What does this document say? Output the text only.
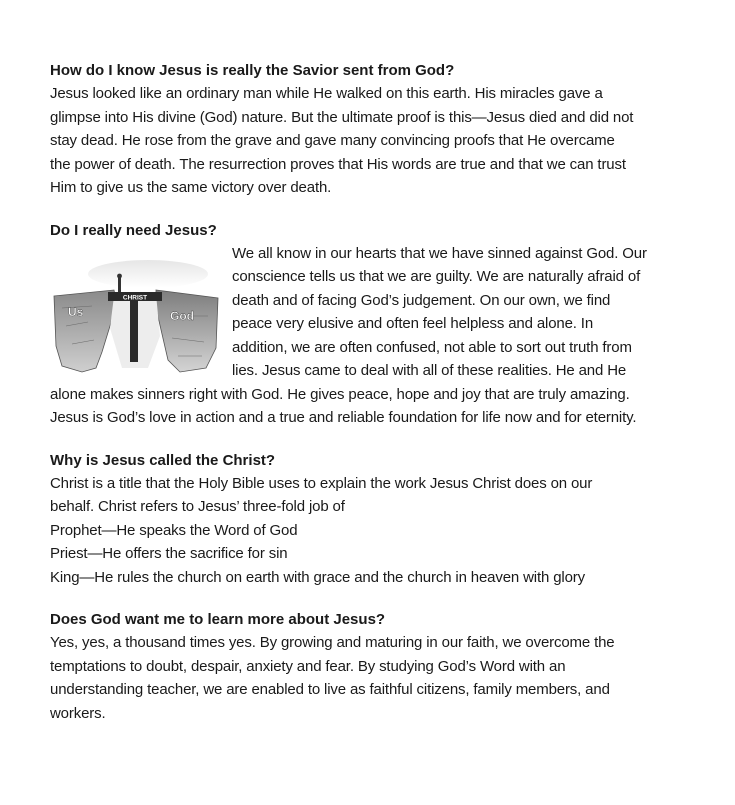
How do I know Jesus is really the Savior sent from God?

Jesus looked like an ordinary man while He walked on this earth. His miracles gave a
glimpse into His divine (God) nature. But the ultimate proof is this—Jesus died and did not
stay dead. He rose from the grave and gave many convincing proofs that He overcame
the power of death. The resurrection proves that His words are true and that we can trust
Him to give us the same victory over death.

Do I really need Jesus?

CHRIST
Us	God

We all know in our hearts that we have sinned against God. Our
conscience tells us that we are guilty. We are naturally afraid of
death and of facing God’s judgement. On our own, we find
peace very elusive and often feel helpless and alone. In
addition, we are often confused, not able to sort out truth from
lies. Jesus came to deal with all of these realities. He and He

alone makes sinners right with God. He gives peace, hope and joy that are truly amazing.
Jesus is God’s love in action and a true and reliable foundation for life now and for eternity.

Why is Jesus called the Christ?

Christ is a title that the Holy Bible uses to explain the work Jesus Christ does on our
behalf. Christ refers to Jesus’ three-fold job of
Prophet—He speaks the Word of God
Priest—He offers the sacrifice for sin
King—He rules the church on earth with grace and the church in heaven with glory

Does God want me to learn more about Jesus?

Yes, yes, a thousand times yes. By growing and maturing in our faith, we overcome the
temptations to doubt, despair, anxiety and fear. By studying God’s Word with an
understanding teacher, we are enabled to live as faithful citizens, family members, and
workers.
